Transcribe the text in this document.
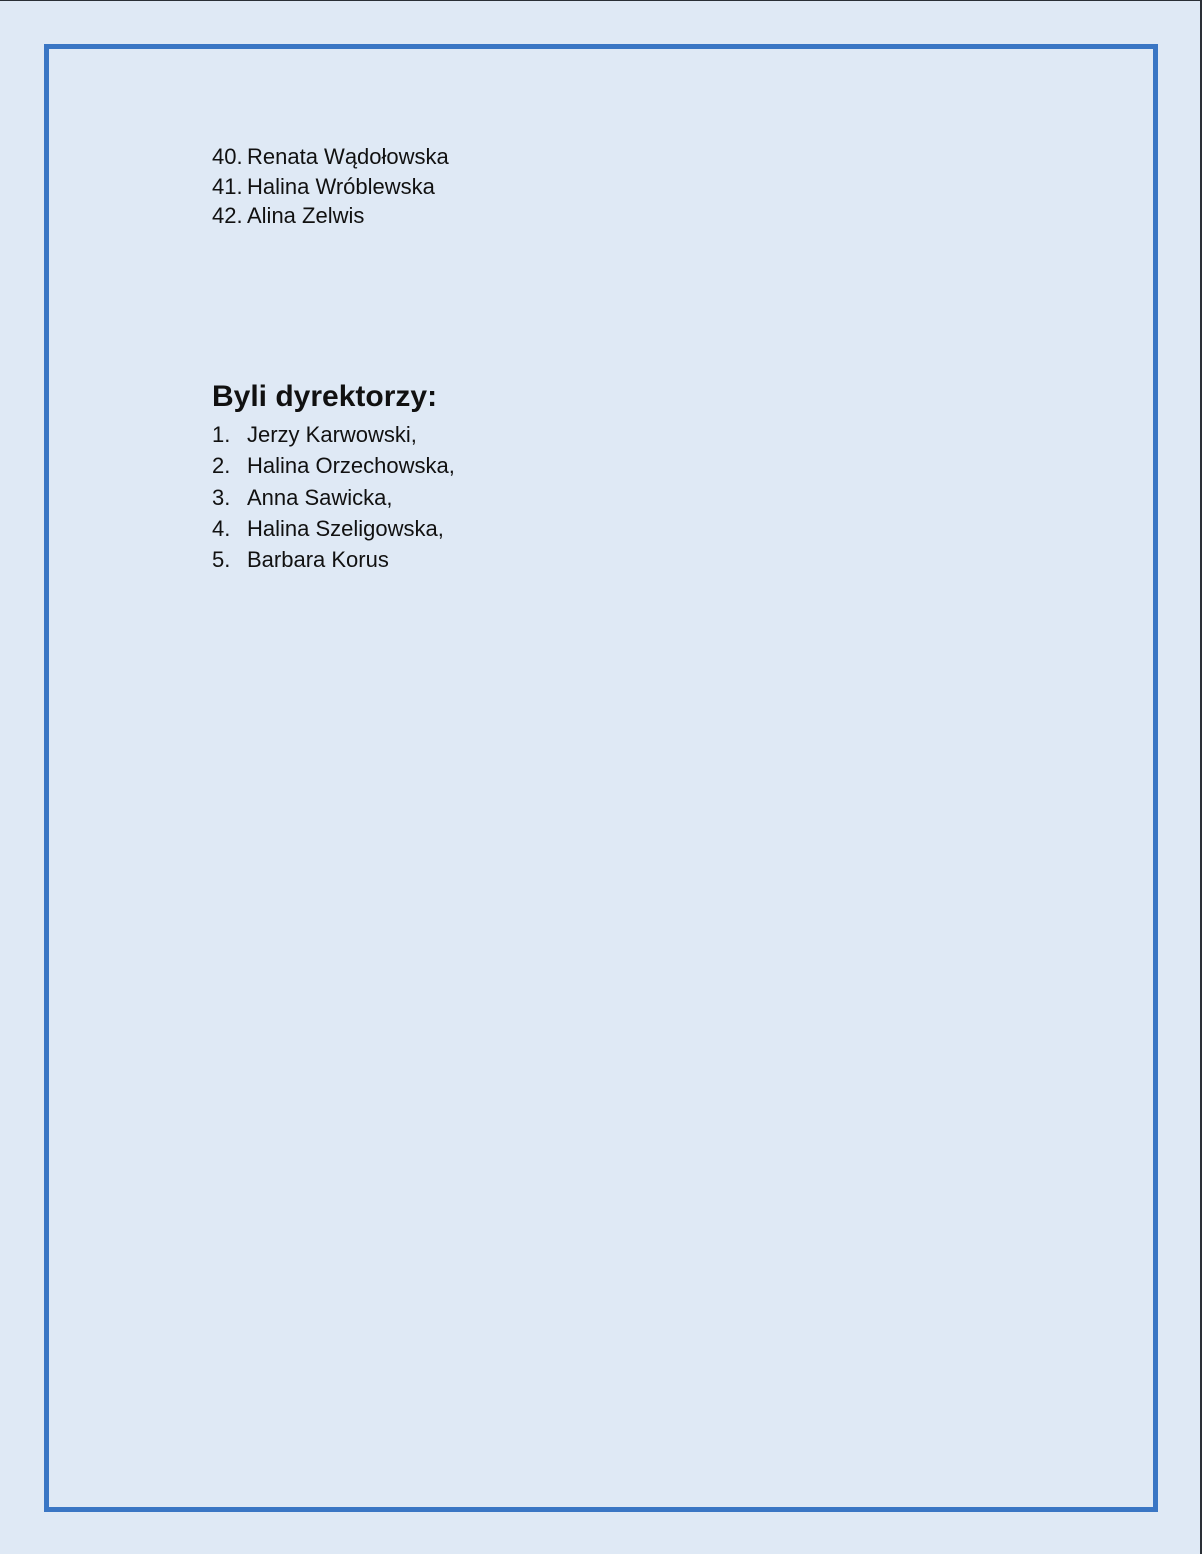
40. Renata Wądołowska
41. Halina Wróblewska
42. Alina Zelwis
Byli dyrektorzy:
1. Jerzy Karwowski,
2. Halina Orzechowska,
3. Anna Sawicka,
4. Halina Szeligowska,
5. Barbara Korus
